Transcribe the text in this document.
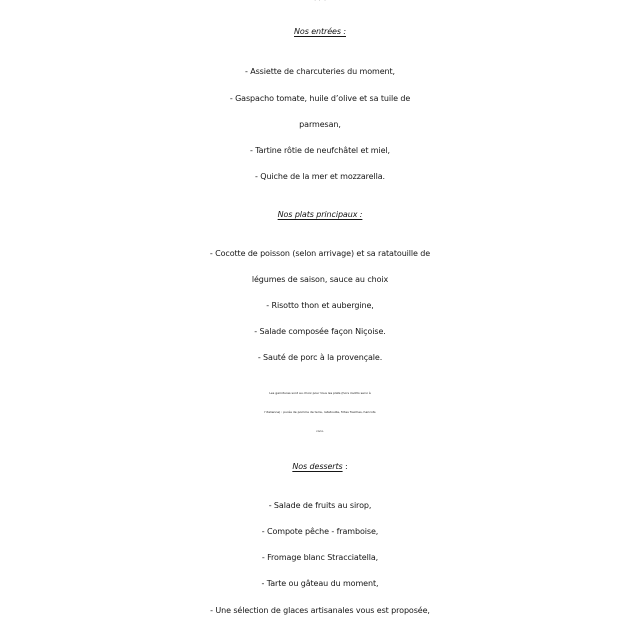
Nos entrées :
- Assiette de charcuteries du moment,
- Gaspacho tomate, huile d’olive et sa tuile de
parmesan,
- Tartine rôtie de neufchâtel et miel,
- Quiche de la mer et mozzarella.
Nos plats principaux :
- Cocotte de poisson (selon arrivage) et sa ratatouille de
légumes de saison, sauce au choix
- Risotto thon et aubergine,
- Salade composée façon Niçoise.
- Sauté de porc à la provençale.
Les garnitures sont au choix pour tous les plats (hors risotto servi à
l’italienne) : purée de pomme de terre, ratatouille, frites fraiches, haricots
coco.
Nos desserts :
- Salade de fruits au sirop,
- Compote pêche - framboise,
- Fromage blanc Stracciatella,
- Tarte ou gâteau du moment,
- Une sélection de glaces artisanales vous est proposée,
